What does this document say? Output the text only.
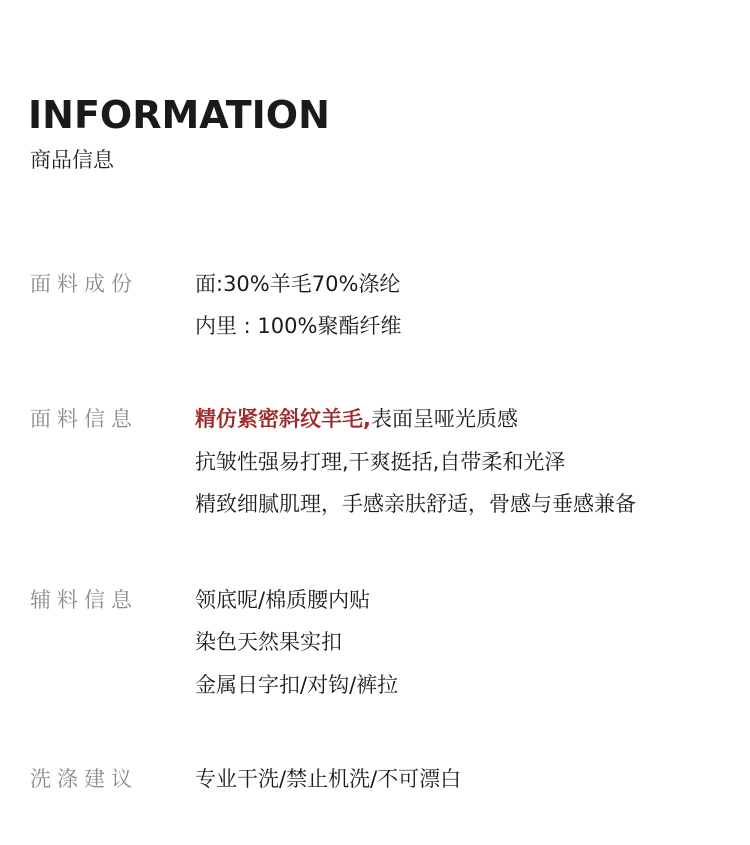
INFORMATION
商品信息
面料成份	面:30%羊毛70%涤纶
内里 : 100%聚酯纤维
面料信息	精仿紧密斜纹羊毛,表面呈哑光质感
抗皱性强易打理,干爽挺括,自带柔和光泽
精致细腻肌理，手感亲肤舒适，骨感与垂感兼备
辅料信息	领底呢/棉质腰内贴
染色天然果实扣
金属日字扣/对钩/裤拉
洗涤建议	专业干洗/禁止机洗/不可漂白
